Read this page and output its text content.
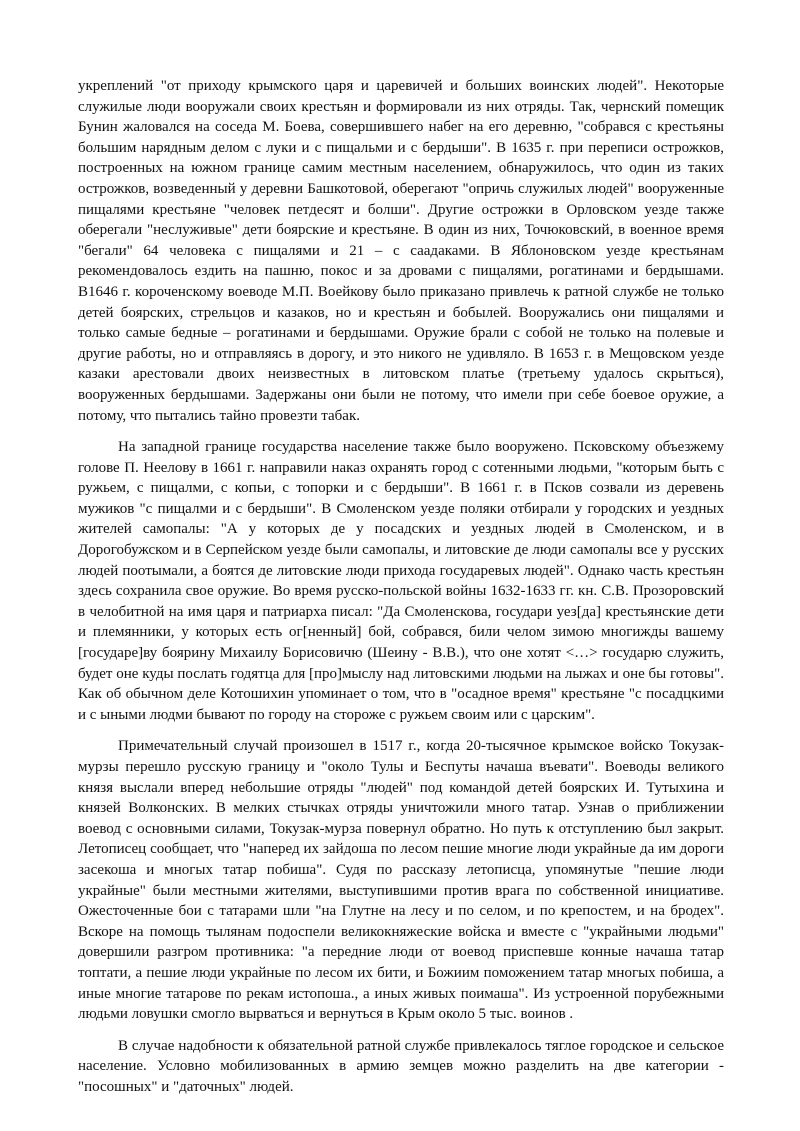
укреплений "от приходу крымского царя и царевичей и больших воинских людей". Некоторые служилые люди вооружали своих крестьян и формировали из них отряды. Так, чернский помещик Бунин жаловался на соседа М. Боева, совершившего набег на его деревню, "собрався с крестьяны большим нарядным делом с луки и с пищальми и с бердыши". В 1635 г. при переписи острожков, построенных на южном границе самим местным населением, обнаружилось, что один из таких острожков, возведенный у деревни Башкотовой, оберегают "опричь служилых людей" вооруженные пищалями крестьяне "человек петдесят и болши". Другие острожки в Орловском уезде также оберегали "неслуживые" дети боярские и крестьяне. В один из них, Точюковский, в военное время "бегали" 64 человека с пищалями и 21 – с саадаками. В Яблоновском уезде крестьянам рекомендовалось ездить на пашню, покос и за дровами с пищалями, рогатинами и бердышами. В1646 г. короченскому воеводе М.П. Воейкову было приказано привлечь к ратной службе не только детей боярских, стрельцов и казаков, но и крестьян и бобылей. Вооружались они пищалями и только самые бедные – рогатинами и бердышами. Оружие брали с собой не только на полевые и другие работы, но и отправляясь в дорогу, и это никого не удивляло. В 1653 г. в Мещовском уезде казаки арестовали двоих неизвестных в литовском платье (третьему удалось скрыться), вооруженных бердышами. Задержаны они были не потому, что имели при себе боевое оружие, а потому, что пытались тайно провезти табак.

На западной границе государства население также было вооружено. Псковскому объезжему голове П. Неелову в 1661 г. направили наказ охранять город с сотенными людьми, "которым быть с ружьем, с пищалми, с копьи, с топорки и с бердыши". В 1661 г. в Псков созвали из деревень мужиков "с пищалми и с бердыши". В Смоленском уезде поляки отбирали у городских и уездных жителей самопалы: "А у которых де у посадских и уездных людей в Смоленском, и в Дорогобужском и в Серпейском уезде были самопалы, и литовские де люди самопалы все у русских людей поотымали, а боятся де литовские люди прихода государевых людей". Однако часть крестьян здесь сохранила свое оружие. Во время русско-польской войны 1632-1633 гг. кн. С.В. Прозоровский в челобитной на имя царя и патриарха писал: "Да Смоленскова, государи уез[да] крестьянские дети и племянники, у которых есть ог[ненный] бой, собрався, били челом зимою многижды вашему [государе]ву боярину Михаилу Борисовичю (Шеину - В.В.), что оне хотят <…> государю служить, будет оне куды послать годятца для [про]мыслу над литовскими людьми на лыжах и оне бы готовы". Как об обычном деле Котошихин упоминает о том, что в "осадное время" крестьяне "с посадцкими и с ыными людми бывают по городу на стороже с ружьем своим или с царским".

Примечательный случай произошел в 1517 г., когда 20-тысячное крымское войско Токузак-мурзы перешло русскую границу и "около Тулы и Беспуты начаша въевати". Воеводы великого князя выслали вперед небольшие отряды "людей" под командой детей боярских И. Тутыхина и князей Волконских. В мелких стычках отряды уничтожили много татар. Узнав о приближении воевод с основными силами, Токузак-мурза повернул обратно. Но путь к отступлению был закрыт. Летописец сообщает, что "наперед их зайдоша по лесом пешие многие люди украйные да им дороги засекоша и многых татар побиша". Судя по рассказу летописца, упомянутые "пешие люди украйные" были местными жителями, выступившими против врага по собственной инициативе. Ожесточенные бои с татарами шли "на Глутне на лесу и по селом, и по крепостем, и на бродех". Вскоре на помощь тылянам подоспели великокняжеские войска и вместе с "украйными людьми" довершили разгром противника: "а передние люди от воевод приспевше конные начаша татар топтати, а пешие люди украйные по лесом их бити, и Божиим поможением татар многых побиша, а иные многие татарове по рекам истопоша., а иных живых поимаша". Из устроенной порубежными людьми ловушки смогло вырваться и вернуться в Крым около 5 тыс. воинов .

В случае надобности к обязательной ратной службе привлекалось тяглое городское и сельское население. Условно мобилизованных в армию земцев можно разделить на две категории - "посошных" и "даточных" людей.
